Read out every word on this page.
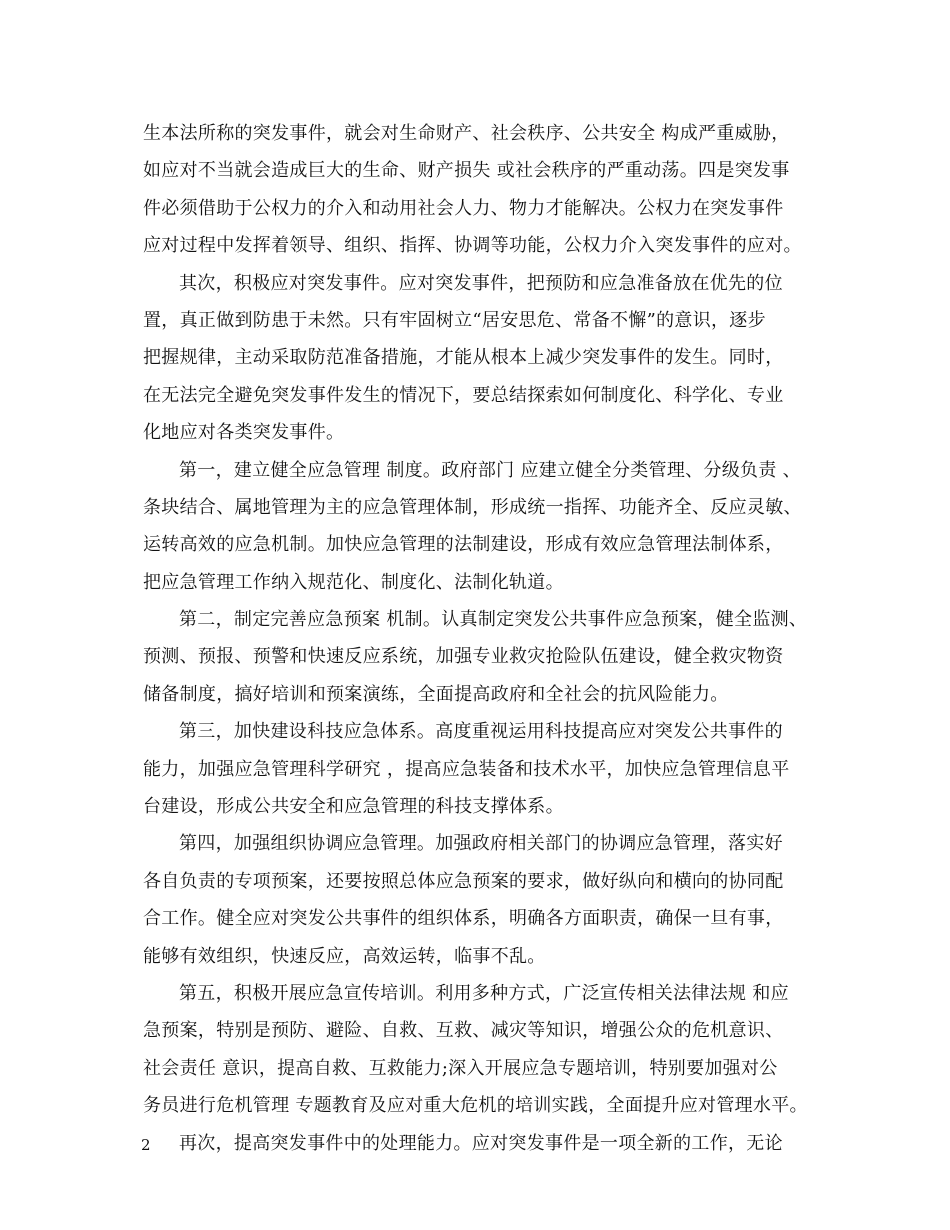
生本法所称的突发事件，就会对生命财产、社会秩序、公共安全 构成严重威胁，
如应对不当就会造成巨大的生命、财产损失 或社会秩序的严重动荡。四是突发事
件必须借助于公权力的介入和动用社会人力、物力才能解决。公权力在突发事件
应对过程中发挥着领导、组织、指挥、协调等功能，公权力介入突发事件的应对。
其次，积极应对突发事件。应对突发事件，把预防和应急准备放在优先的位
置，真正做到防患于未然。只有牢固树立“居安思危、常备不懈”的意识，逐步
把握规律，主动采取防范准备措施，才能从根本上减少突发事件的发生。同时，
在无法完全避免突发事件发生的情况下，要总结探索如何制度化、科学化、专业
化地应对各类突发事件。
第一，建立健全应急管理 制度。政府部门 应建立健全分类管理、分级负责 、
条块结合、属地管理为主的应急管理体制，形成统一指挥、功能齐全、反应灵敏、
运转高效的应急机制。加快应急管理的法制建设，形成有效应急管理法制体系，
把应急管理工作纳入规范化、制度化、法制化轨道。
第二，制定完善应急预案 机制。认真制定突发公共事件应急预案，健全监测、
预测、预报、预警和快速反应系统，加强专业救灾抢险队伍建设，健全救灾物资
储备制度，搞好培训和预案演练，全面提高政府和全社会的抗风险能力。
第三，加快建设科技应急体系。高度重视运用科技提高应对突发公共事件的
能力，加强应急管理科学研究 ，提高应急装备和技术水平，加快应急管理信息平
台建设，形成公共安全和应急管理的科技支撑体系。
第四，加强组织协调应急管理。加强政府相关部门的协调应急管理，落实好
各自负责的专项预案，还要按照总体应急预案的要求，做好纵向和横向的协同配
合工作。健全应对突发公共事件的组织体系，明确各方面职责，确保一旦有事，
能够有效组织，快速反应，高效运转，临事不乱。
第五，积极开展应急宣传培训。利用多种方式，广泛宣传相关法律法规 和应
急预案，特别是预防、避险、自救、互救、减灾等知识，增强公众的危机意识、
社会责任 意识，提高自救、互救能力;深入开展应急专题培训，特别要加强对公
务员进行危机管理 专题教育及应对重大危机的培训实践，全面提升应对管理水平。
再次，提高突发事件中的处理能力。应对突发事件是一项全新的工作，无论
2
